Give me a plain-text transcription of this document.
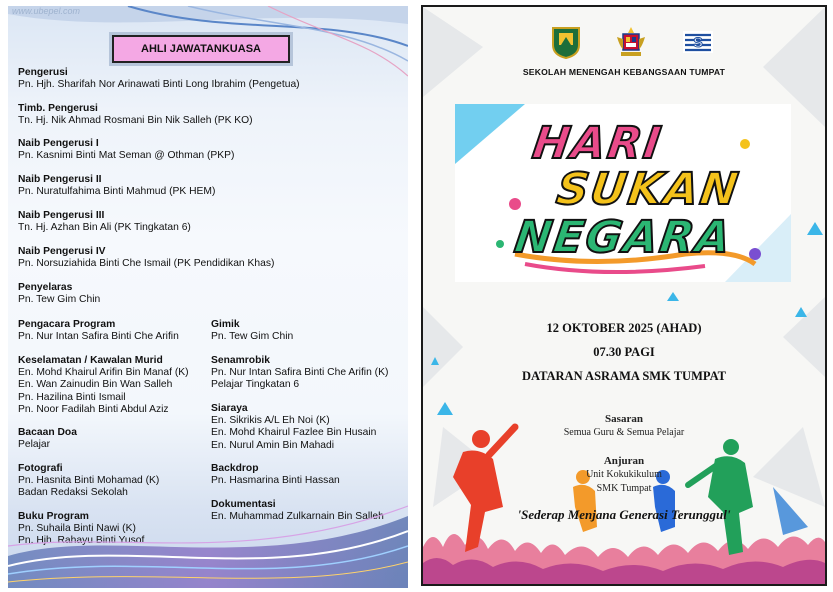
www.ubepel.com
AHLI JAWATANKUASA
Pengerusi
Pn. Hjh. Sharifah Nor Arinawati Binti Long Ibrahim (Pengetua)
Timb. Pengerusi
Tn. Hj. Nik Ahmad Rosmani Bin Nik Salleh (PK KO)
Naib Pengerusi I
Pn. Kasnimi Binti Mat Seman @ Othman (PKP)
Naib Pengerusi II
Pn. Nuratulfahima Binti Mahmud (PK HEM)
Naib Pengerusi III
Tn. Hj. Azhan Bin Ali (PK Tingkatan 6)
Naib Pengerusi IV
Pn. Norsuziahida Binti Che Ismail (PK Pendidikan Khas)
Penyelaras
Pn. Tew Gim Chin
Pengacara Program
Pn. Nur Intan Safira Binti Che Arifin
Keselamatan / Kawalan Murid
En. Mohd Khairul Arifin Bin Manaf (K)
En. Wan Zainudin Bin Wan Salleh
Pn. Hazilina Binti Ismail
Pn. Noor Fadilah Binti Abdul Aziz
Bacaan Doa
Pelajar
Fotografi
Pn. Hasnita Binti Mohamad (K)
Badan Redaksi Sekolah
Buku Program
Pn. Suhaila Binti Nawi (K)
Pn. Hjh. Rahayu Binti Yusof
Gimik
Pn. Tew Gim Chin
Senamrobik
Pn. Nur Intan Safira Binti Che Arifin (K)
Pelajar Tingkatan 6
Siaraya
En. Sikrikis A/L Eh Noi (K)
En. Mohd Khairul Fazlee Bin Husain
En. Nurul Amin Bin Mahadi
Backdrop
Pn. Hasmarina Binti Hassan
Dokumentasi
En. Muhammad Zulkarnain Bin Salleh
S
SEKOLAH MENENGAH KEBANGSAAN TUMPAT
HARI
SUKAN
NEGARA
12 OKTOBER 2025 (AHAD)
07.30 PAGI
DATARAN ASRAMA SMK TUMPAT
Sasaran
Semua Guru & Semua Pelajar
Anjuran
Unit Kokukikulum
SMK Tumpat
'Sederap Menjana Generasi Terunggul'
